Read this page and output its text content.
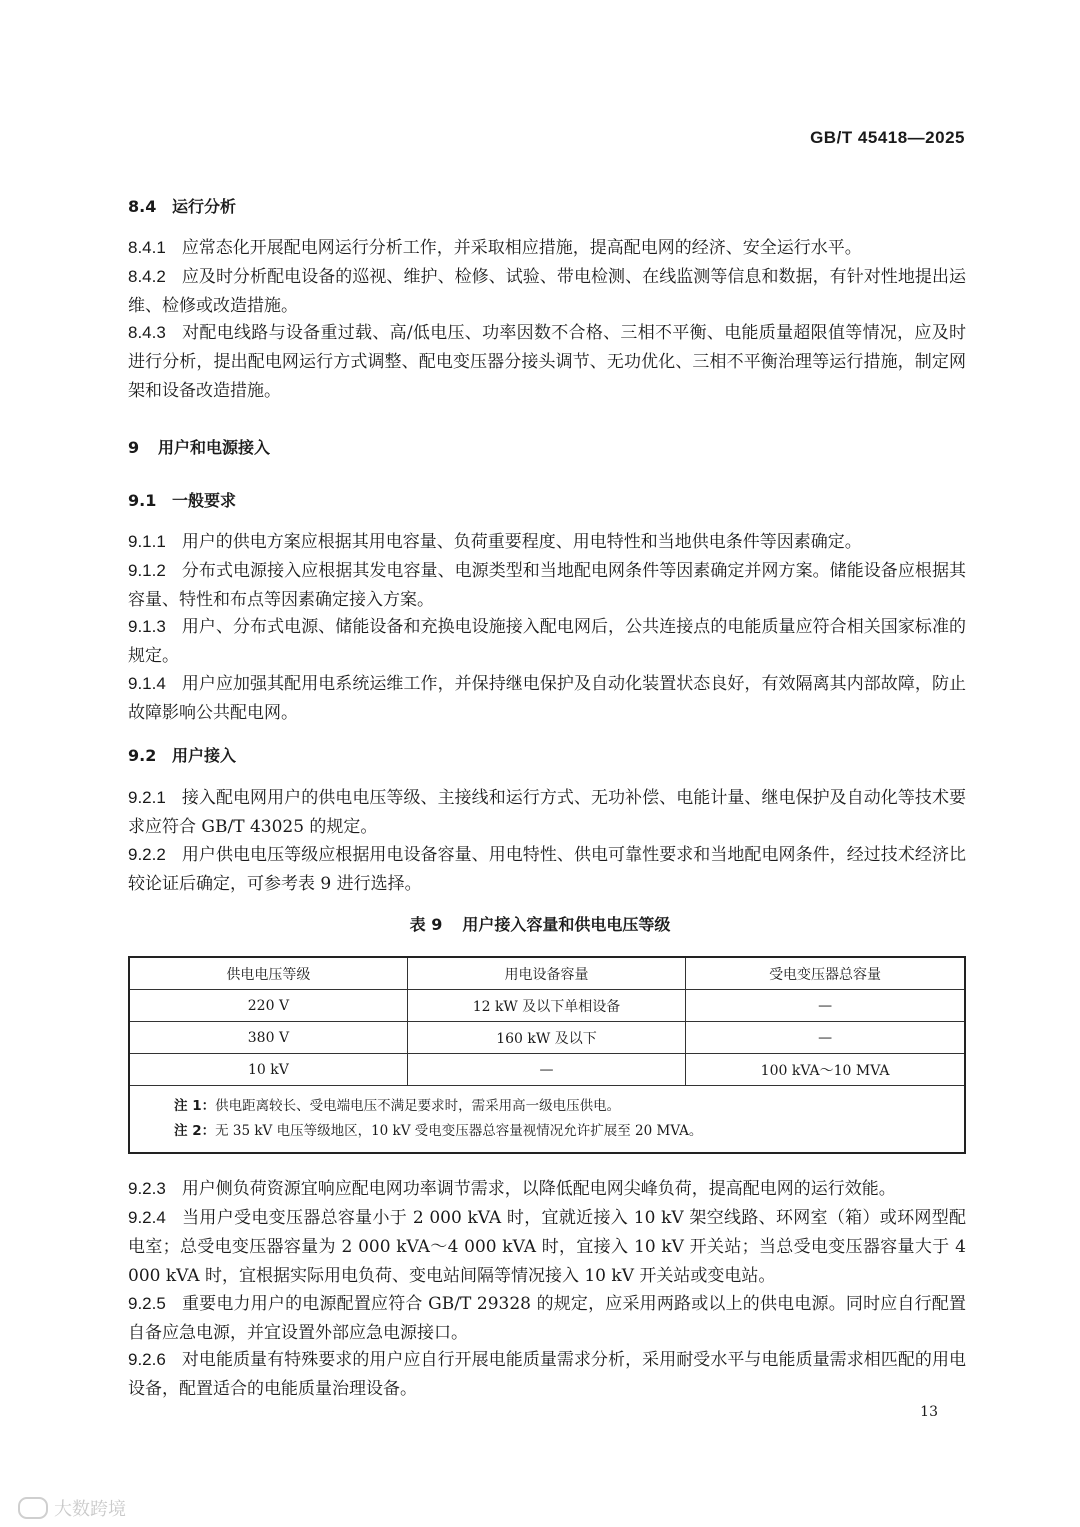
GB/T 45418—2025
8.4 运行分析
8.4.1 应常态化开展配电网运行分析工作，并采取相应措施，提高配电网的经济、安全运行水平。
8.4.2 应及时分析配电设备的巡视、维护、检修、试验、带电检测、在线监测等信息和数据，有针对性地提出运维、检修或改造措施。
8.4.3 对配电线路与设备重过载、高/低电压、功率因数不合格、三相不平衡、电能质量超限值等情况，应及时进行分析，提出配电网运行方式调整、配电变压器分接头调节、无功优化、三相不平衡治理等运行措施，制定网架和设备改造措施。
9 用户和电源接入
9.1 一般要求
9.1.1 用户的供电方案应根据其用电容量、负荷重要程度、用电特性和当地供电条件等因素确定。
9.1.2 分布式电源接入应根据其发电容量、电源类型和当地配电网条件等因素确定并网方案。储能设备应根据其容量、特性和布点等因素确定接入方案。
9.1.3 用户、分布式电源、储能设备和充换电设施接入配电网后，公共连接点的电能质量应符合相关国家标准的规定。
9.1.4 用户应加强其配用电系统运维工作，并保持继电保护及自动化装置状态良好，有效隔离其内部故障，防止故障影响公共配电网。
9.2 用户接入
9.2.1 接入配电网用户的供电电压等级、主接线和运行方式、无功补偿、电能计量、继电保护及自动化等技术要求应符合 GB/T 43025 的规定。
9.2.2 用户供电电压等级应根据用电设备容量、用电特性、供电可靠性要求和当地配电网条件，经过技术经济比较论证后确定，可参考表 9 进行选择。
表 9 用户接入容量和供电电压等级
供电电压等级	用电设备容量	受电变压器总容量
220 V	12 kW 及以下单相设备	—
380 V	160 kW 及以下	—
10 kV	—	100 kVA～10 MVA

注 1：供电距离较长、受电端电压不满足要求时，需采用高一级电压供电。
注 2：无 35 kV 电压等级地区，10 kV 受电变压器总容量视情况允许扩展至 20 MVA。		
9.2.3 用户侧负荷资源宜响应配电网功率调节需求，以降低配电网尖峰负荷，提高配电网的运行效能。
9.2.4 当用户受电变压器总容量小于 2 000 kVA 时，宜就近接入 10 kV 架空线路、环网室（箱）或环网型配电室；总受电变压器容量为 2 000 kVA～4 000 kVA 时，宜接入 10 kV 开关站；当总受电变压器容量大于 4 000 kVA 时，宜根据实际用电负荷、变电站间隔等情况接入 10 kV 开关站或变电站。
9.2.5 重要电力用户的电源配置应符合 GB/T 29328 的规定，应采用两路或以上的供电电源。同时应自行配置自备应急电源，并宜设置外部应急电源接口。
9.2.6 对电能质量有特殊要求的用户应自行开展电能质量需求分析，采用耐受水平与电能质量需求相匹配的用电设备，配置适合的电能质量治理设备。
13
大数跨境
